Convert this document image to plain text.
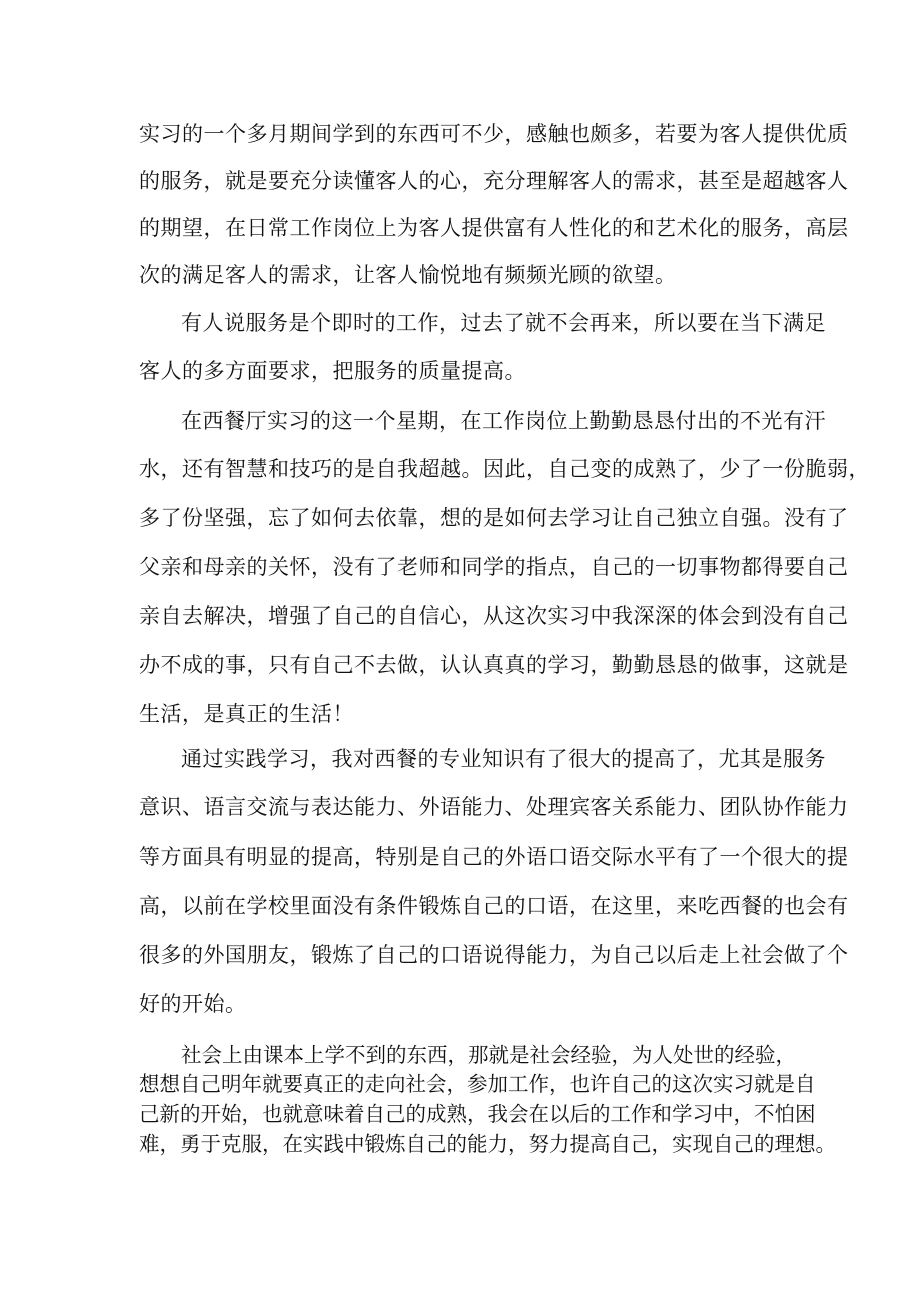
实习的一个多月期间学到的东西可不少，感触也颇多，若要为客人提供优质
的服务，就是要充分读懂客人的心，充分理解客人的需求，甚至是超越客人
的期望，在日常工作岗位上为客人提供富有人性化的和艺术化的服务，高层
次的满足客人的需求，让客人愉悦地有频频光顾的欲望。
有人说服务是个即时的工作，过去了就不会再来，所以要在当下满足
客人的多方面要求，把服务的质量提高。
在西餐厅实习的这一个星期，在工作岗位上勤勤恳恳付出的不光有汗
水，还有智慧和技巧的是自我超越。因此，自己变的成熟了，少了一份脆弱，
多了份坚强，忘了如何去依靠，想的是如何去学习让自己独立自强。没有了
父亲和母亲的关怀，没有了老师和同学的指点，自己的一切事物都得要自己
亲自去解决，增强了自己的自信心，从这次实习中我深深的体会到没有自己
办不成的事，只有自己不去做，认认真真的学习，勤勤恳恳的做事，这就是
生活，是真正的生活！
通过实践学习，我对西餐的专业知识有了很大的提高了，尤其是服务
意识、语言交流与表达能力、外语能力、处理宾客关系能力、团队协作能力
等方面具有明显的提高，特别是自己的外语口语交际水平有了一个很大的提
高，以前在学校里面没有条件锻炼自己的口语，在这里，来吃西餐的也会有
很多的外国朋友，锻炼了自己的口语说得能力，为自己以后走上社会做了个
好的开始。
社会上由课本上学不到的东西，那就是社会经验，为人处世的经验，
想想自己明年就要真正的走向社会，参加工作，也许自己的这次实习就是自
己新的开始，也就意味着自己的成熟，我会在以后的工作和学习中，不怕困
难，勇于克服，在实践中锻炼自己的能力，努力提高自己，实现自己的理想。
